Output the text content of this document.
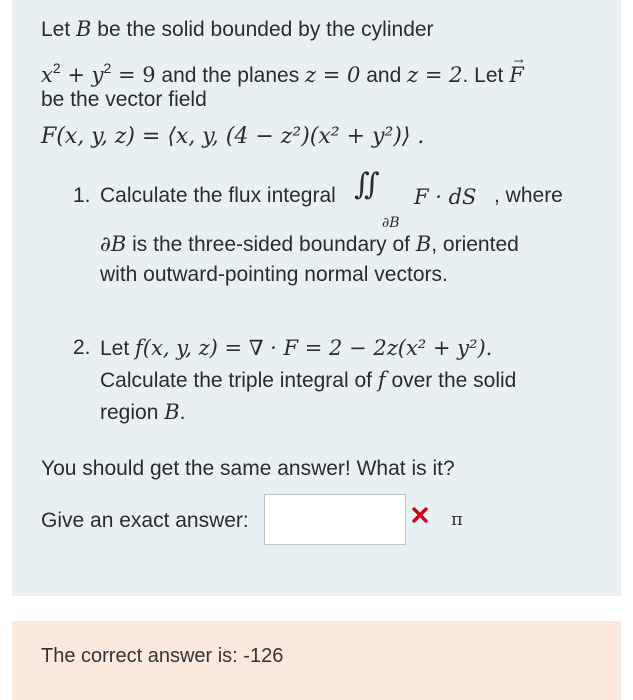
Let B be the solid bounded by the cylinder
$x^2 + y^2 = 9$ and the planes z = 0 and z = 2. Let F →
be the vector field
F(x, y, z) = ⟨x, y, (4 − z²)(x² + y²)⟩ .
1. Calculate the flux integral ∬
∂B
F · dS , where
∂B is the three-sided boundary of B, oriented
with outward-pointing normal vectors.
2. Let f(x, y, z) = ∇ · F = 2 − 2z(x² + y²).
Calculate the triple integral of f over the solid
region B.
You should get the same answer! What is it?
Give an exact answer:	π
The correct answer is: -126
